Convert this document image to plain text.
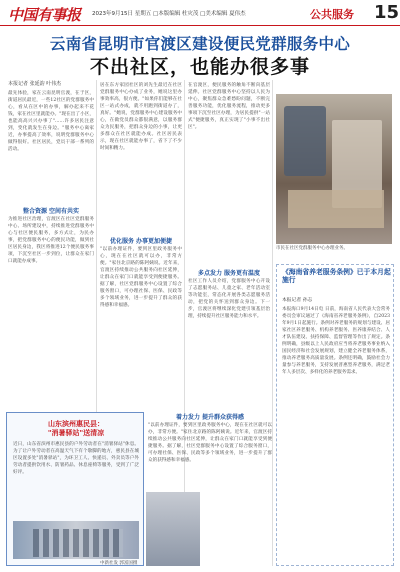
中国有事报 2023年9月15日 星期五 □本版编辑 杜灾茂 □美术编辑 夏伟杰	公共服务 15
云南省昆明市官渡区建设便民党群服务中心
不出社区，也能办很多事
本报记者 张延韵 叶伟杰
最先体验，家在云南昆明官渡，在于区，街道居民最近，一些12社区的党群服务中心，看从在区中的办事，解办起来不花钱，家在社区里就能办。"现在出了小区，也能高高兴兴办事了"……许多居民注意到，变化就发生在身边。"服务中心离家近，办事提高了效率，说明党群服务中心做得很好。社区居民，党员干部一系列的活动。
整合资源 空间有共实
为推进社区治理，官渡区在社区党群服务中心、场所建设中，持续推进党群服务中心与社区便民服务，多方式让，为民办事，把党群服务中心的便民功能，做到社区居民身边，我区将推进12个便民服务事项，下沉至社区一步到位，让群众在家门口就能办成事。
居在东方家园社区的刘先生最近在社区党群服务中心办成了业务，她说这里办事效率高，很方便。"如果你们能够在社区一站式办成，就不用跑到街道办了，真好。"她说，党群服务中心建设服务中心，在做党员群众都很满意，以服务群众为民服务，把群众身边的小事，让更多群众在社区就能办成。社区居民表示，现在社区就能办事了，省下了不少时间和精力。
优化服务 办事更加便捷
"以前办理证件，要到区里政务服务中心，现在在社区就可以办，非常方便。"家住北京路的陈阿姨说。近年来，官渡区持续推动公共服务向社区延伸，让群众在家门口就能享受到便捷服务。据了解，社区党群服务中心设置了综合服务窗口，可办理社保、医保、民政等多个领域业务，进一步提升了群众的获得感和幸福感。
在官渡区，便民服务的触角不断向基层延伸。社区党群服务中心坚持以人民为中心，聚焦群众急难愁盼问题，不断完善服务功能，优化服务流程，推动更多事项下沉至社区办理，为居民提供"一站式"便捷服务，真正实现了"小事不出社区"。
多点发力 服务更有温度
社区工作人员介绍，党群服务中心开设了志愿服务站、儿童之家、老年活动室等功能室，常态化开展各类志愿服务活动，把党的关怀送到群众身边。下一步，官渡区将继续深化党建引领基层治理，持续提升社区服务能力和水平。
着力发力 提升群众获得感
"以前办理证件，要到区里政务服务中心，现在在社区就可以办，非常方便。"家住北京路的陈阿姨说。近年来，官渡区持续推动公共服务向社区延伸，让群众在家门口就能享受到便捷服务。据了解，社区党群服务中心设置了综合服务窗口，可办理社保、医保、民政等多个领域业务，进一步提升了群众的获得感和幸福感。
市民在社区党群服务中心办理业务。
《海南省养老服务条例》已于本月起施行
本报记者 孙志
本报海口9月14日电 日前，海南省人民代表大会常务委员会审议通过了《海南省养老服务条例》，自2023年9月1日起施行。条例对养老服务的规划与建设、居家社区养老服务、机构养老服务、医养康养结合、人才队伍建设、扶持保障、监督管理等作出了规定。条例明确，县级以上人民政府应当将养老服务事业纳入国民经济和社会发展规划，建立健全养老服务体系，推动养老服务高质量发展。条例还明确，鼓励社会力量参与养老服务，支持发展普惠型养老服务，满足老年人多层次、多样化的养老服务需求。
山东滨州惠民县：
"消暑驿站"送清凉
近日，山东省滨州市惠民县的户外劳动者在"消暑驿站"休息。为了让户外劳动者在高温天气下有个歇脚的地方，惠民县在城区设置多处"消暑驿站"，为环卫工人、快递员、外卖员等户外劳动者提供饮用水、防暑药品、休息座椅等服务，受到了广泛好评。
中新社发 郭富国摄
